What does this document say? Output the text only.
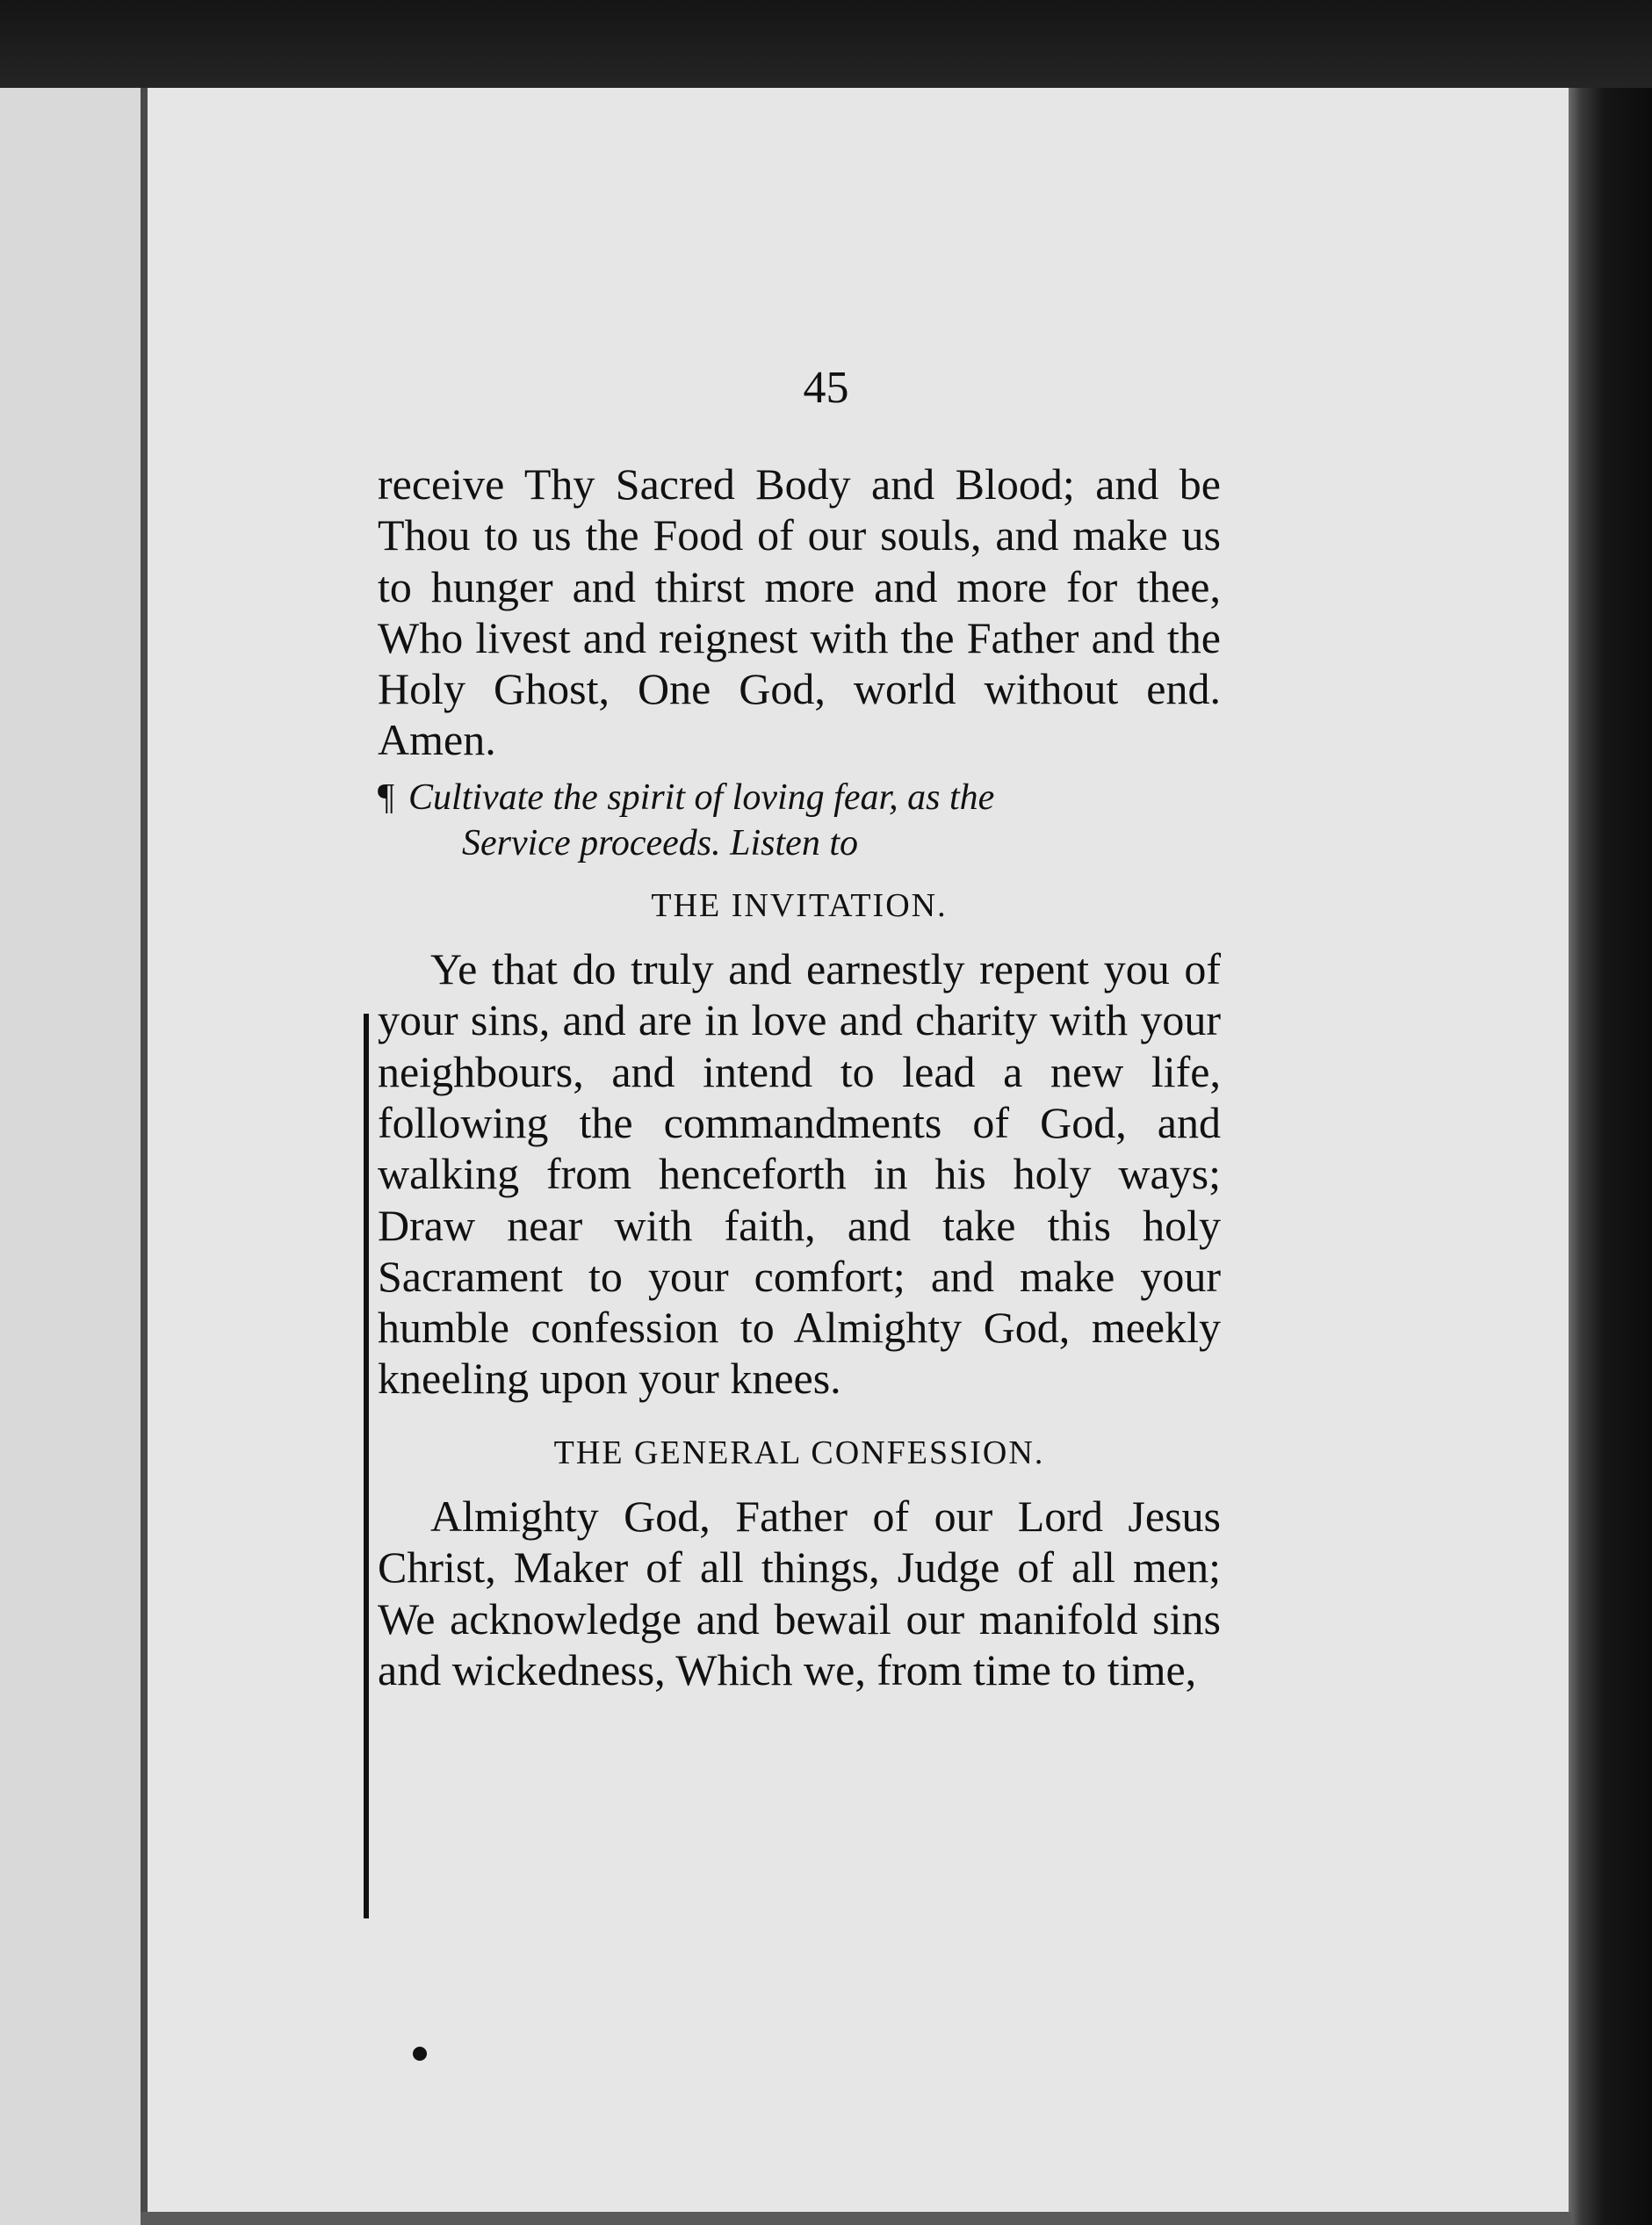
45

receive Thy Sacred Body and Blood; and be Thou to us the Food of our souls, and make us to hunger and thirst more and more for thee, Who livest and reignest with the Father and the Holy Ghost, One God, world without end. Amen.

¶ Cultivate the spirit of loving fear, as the
Service proceeds. Listen to
THE INVITATION.

Ye that do truly and earnestly repent you of your sins, and are in love and charity with your neighbours, and intend to lead a new life, following the commandments of God, and walking from henceforth in his holy ways; Draw near with faith, and take this holy Sacrament to your comfort; and make your humble confession to Almighty God, meekly kneeling upon your knees.

THE GENERAL CONFESSION.

Almighty God, Father of our Lord Jesus Christ, Maker of all things, Judge of all men; We acknowledge and bewail our manifold sins and wickedness, Which we, from time to time,
